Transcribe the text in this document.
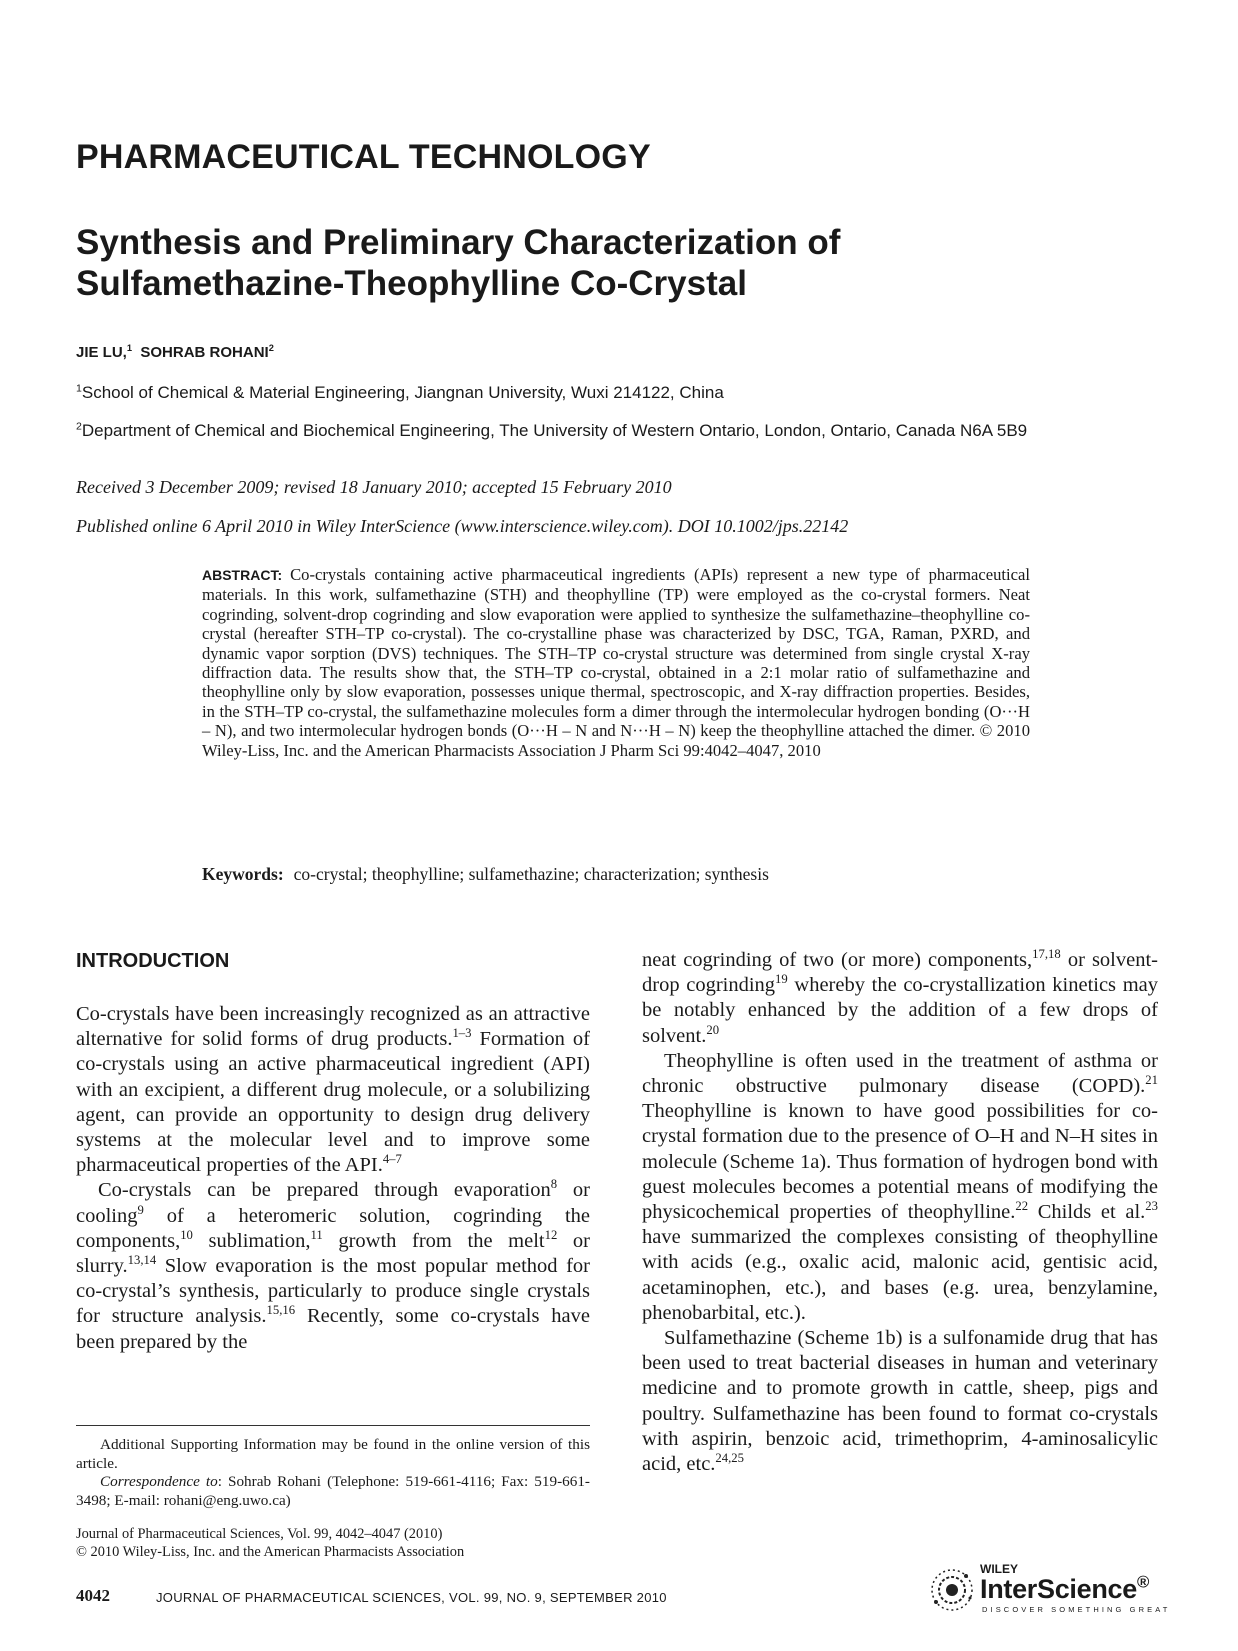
PHARMACEUTICAL TECHNOLOGY
Synthesis and Preliminary Characterization of
Sulfamethazine-Theophylline Co-Crystal
JIE LU,$^1$ SOHRAB ROHANI$^2$
$^1$School of Chemical & Material Engineering, Jiangnan University, Wuxi 214122, China
$^2$Department of Chemical and Biochemical Engineering, The University of Western Ontario, London, Ontario, Canada N6A 5B9
Received 3 December 2009; revised 18 January 2010; accepted 15 February 2010
Published online 6 April 2010 in Wiley InterScience (www.interscience.wiley.com). DOI 10.1002/jps.22142
ABSTRACT: Co-crystals containing active pharmaceutical ingredients (APIs) represent a new type of pharmaceutical materials. In this work, sulfamethazine (STH) and theophylline (TP) were employed as the co-crystal formers. Neat cogrinding, solvent-drop cogrinding and slow evaporation were applied to synthesize the sulfamethazine–theophylline co-crystal (hereafter STH–TP co-crystal). The co-crystalline phase was characterized by DSC, TGA, Raman, PXRD, and dynamic vapor sorption (DVS) techniques. The STH–TP co-crystal structure was determined from single crystal X-ray diffraction data. The results show that, the STH–TP co-crystal, obtained in a 2:1 molar ratio of sulfamethazine and theophylline only by slow evaporation, possesses unique thermal, spectroscopic, and X-ray diffraction properties. Besides, in the STH–TP co-crystal, the sulfamethazine molecules form a dimer through the intermolecular hydrogen bonding (O···H – N), and two intermolecular hydrogen bonds (O···H – N and N···H – N) keep the theophylline attached the dimer. © 2010 Wiley-Liss, Inc. and the American Pharmacists Association J Pharm Sci 99:4042–4047, 2010
Keywords: co-crystal; theophylline; sulfamethazine; characterization; synthesis
INTRODUCTION

Co-crystals have been increasingly recognized as an attractive alternative for solid forms of drug products.$^{1-3}$ Formation of co-crystals using an active pharmaceutical ingredient (API) with an excipient, a different drug molecule, or a solubilizing agent, can provide an opportunity to design drug delivery systems at the molecular level and to improve some pharmaceutical properties of the API.$^{4-7}$

Co-crystals can be prepared through evaporation$^8$ or cooling$^9$ of a heteromeric solution, cogrinding the components,$^{10}$ sublimation,$^{11}$ growth from the melt$^{12}$ or slurry.$^{13,14}$ Slow evaporation is the most popular method for co-crystal’s synthesis, particularly to produce single crystals for structure analysis.$^{15,16}$ Recently, some co-crystals have been prepared by the

neat cogrinding of two (or more) components,$^{17,18}$ or solvent-drop cogrinding$^{19}$ whereby the co-crystallization kinetics may be notably enhanced by the addition of a few drops of solvent.$^{20}$

Theophylline is often used in the treatment of asthma or chronic obstructive pulmonary disease (COPD).$^{21}$ Theophylline is known to have good possibilities for co-crystal formation due to the presence of O–H and N–H sites in molecule (Scheme 1a). Thus formation of hydrogen bond with guest molecules becomes a potential means of modifying the physicochemical properties of theophylline.$^{22}$ Childs et al.$^{23}$ have summarized the complexes consisting of theophylline with acids (e.g., oxalic acid, malonic acid, gentisic acid, acetaminophen, etc.), and bases (e.g. urea, benzylamine, phenobarbital, etc.).

Sulfamethazine (Scheme 1b) is a sulfonamide drug that has been used to treat bacterial diseases in human and veterinary medicine and to promote growth in cattle, sheep, pigs and poultry. Sulfamethazine has been found to format co-crystals with aspirin, benzoic acid, trimethoprim, 4-aminosalicylic acid, etc.$^{24,25}$

Additional Supporting Information may be found in the online version of this article.

Correspondence to: Sohrab Rohani (Telephone: 519-661-4116; Fax: 519-661-3498; E-mail: rohani@eng.uwo.ca)

Journal of Pharmaceutical Sciences, Vol. 99, 4042–4047 (2010)
© 2010 Wiley-Liss, Inc. and the American Pharmacists Association
4042	JOURNAL OF PHARMACEUTICAL SCIENCES, VOL. 99, NO. 9, SEPTEMBER 2010
WILEY
InterScience®
DISCOVER SOMETHING GREAT
